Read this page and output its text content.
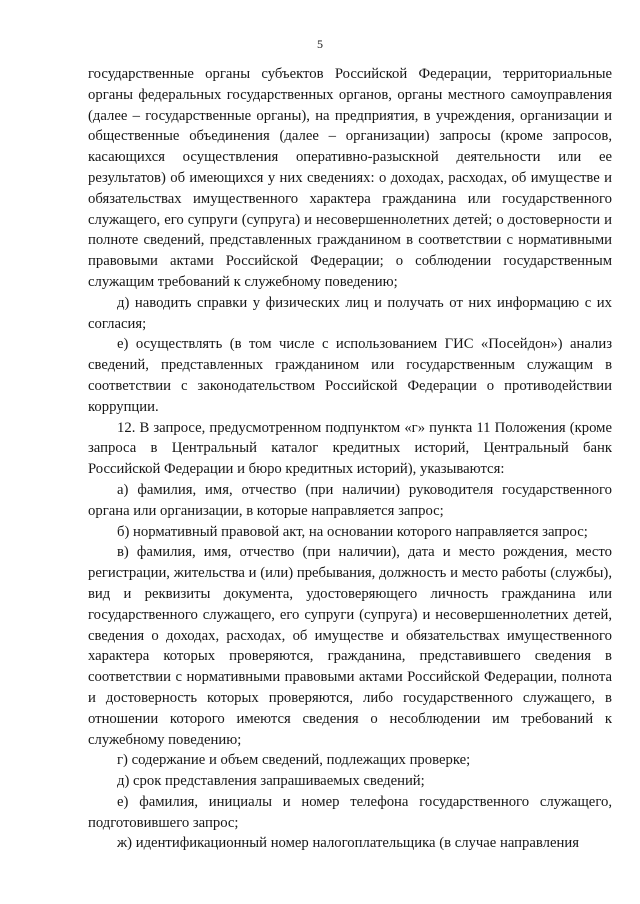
5

государственные органы субъектов Российской Федерации, территориальные органы федеральных государственных органов, органы местного самоуправления (далее – государственные органы), на предприятия, в учреждения, организации и общественные объединения (далее – организации) запросы (кроме запросов, касающихся осуществления оперативно-разыскной деятельности или ее результатов) об имеющихся у них сведениях: о доходах, расходах, об имуществе и обязательствах имущественного характера гражданина или государственного служащего, его супруги (супруга) и несовершеннолетних детей; о достоверности и полноте сведений, представленных гражданином в соответствии с нормативными правовыми актами Российской Федерации; о соблюдении государственным служащим требований к служебному поведению;

д) наводить справки у физических лиц и получать от них информацию с их согласия;

е) осуществлять (в том числе с использованием ГИС «Посейдон») анализ сведений, представленных гражданином или государственным служащим в соответствии с законодательством Российской Федерации о противодействии коррупции.

12. В запросе, предусмотренном подпунктом «г» пункта 11 Положения (кроме запроса в Центральный каталог кредитных историй, Центральный банк Российской Федерации и бюро кредитных историй), указываются:

а) фамилия, имя, отчество (при наличии) руководителя государственного органа или организации, в которые направляется запрос;

б) нормативный правовой акт, на основании которого направляется запрос;

в) фамилия, имя, отчество (при наличии), дата и место рождения, место регистрации, жительства и (или) пребывания, должность и место работы (службы), вид и реквизиты документа, удостоверяющего личность гражданина или государственного служащего, его супруги (супруга) и несовершеннолетних детей, сведения о доходах, расходах, об имуществе и обязательствах имущественного характера которых проверяются, гражданина, представившего сведения в соответствии с нормативными правовыми актами Российской Федерации, полнота и достоверность которых проверяются, либо государственного служащего, в отношении которого имеются сведения о несоблюдении им требований к служебному поведению;

г) содержание и объем сведений, подлежащих проверке;

д) срок представления запрашиваемых сведений;

е) фамилия, инициалы и номер телефона государственного служащего, подготовившего запрос;

ж) идентификационный номер налогоплательщика (в случае направления
